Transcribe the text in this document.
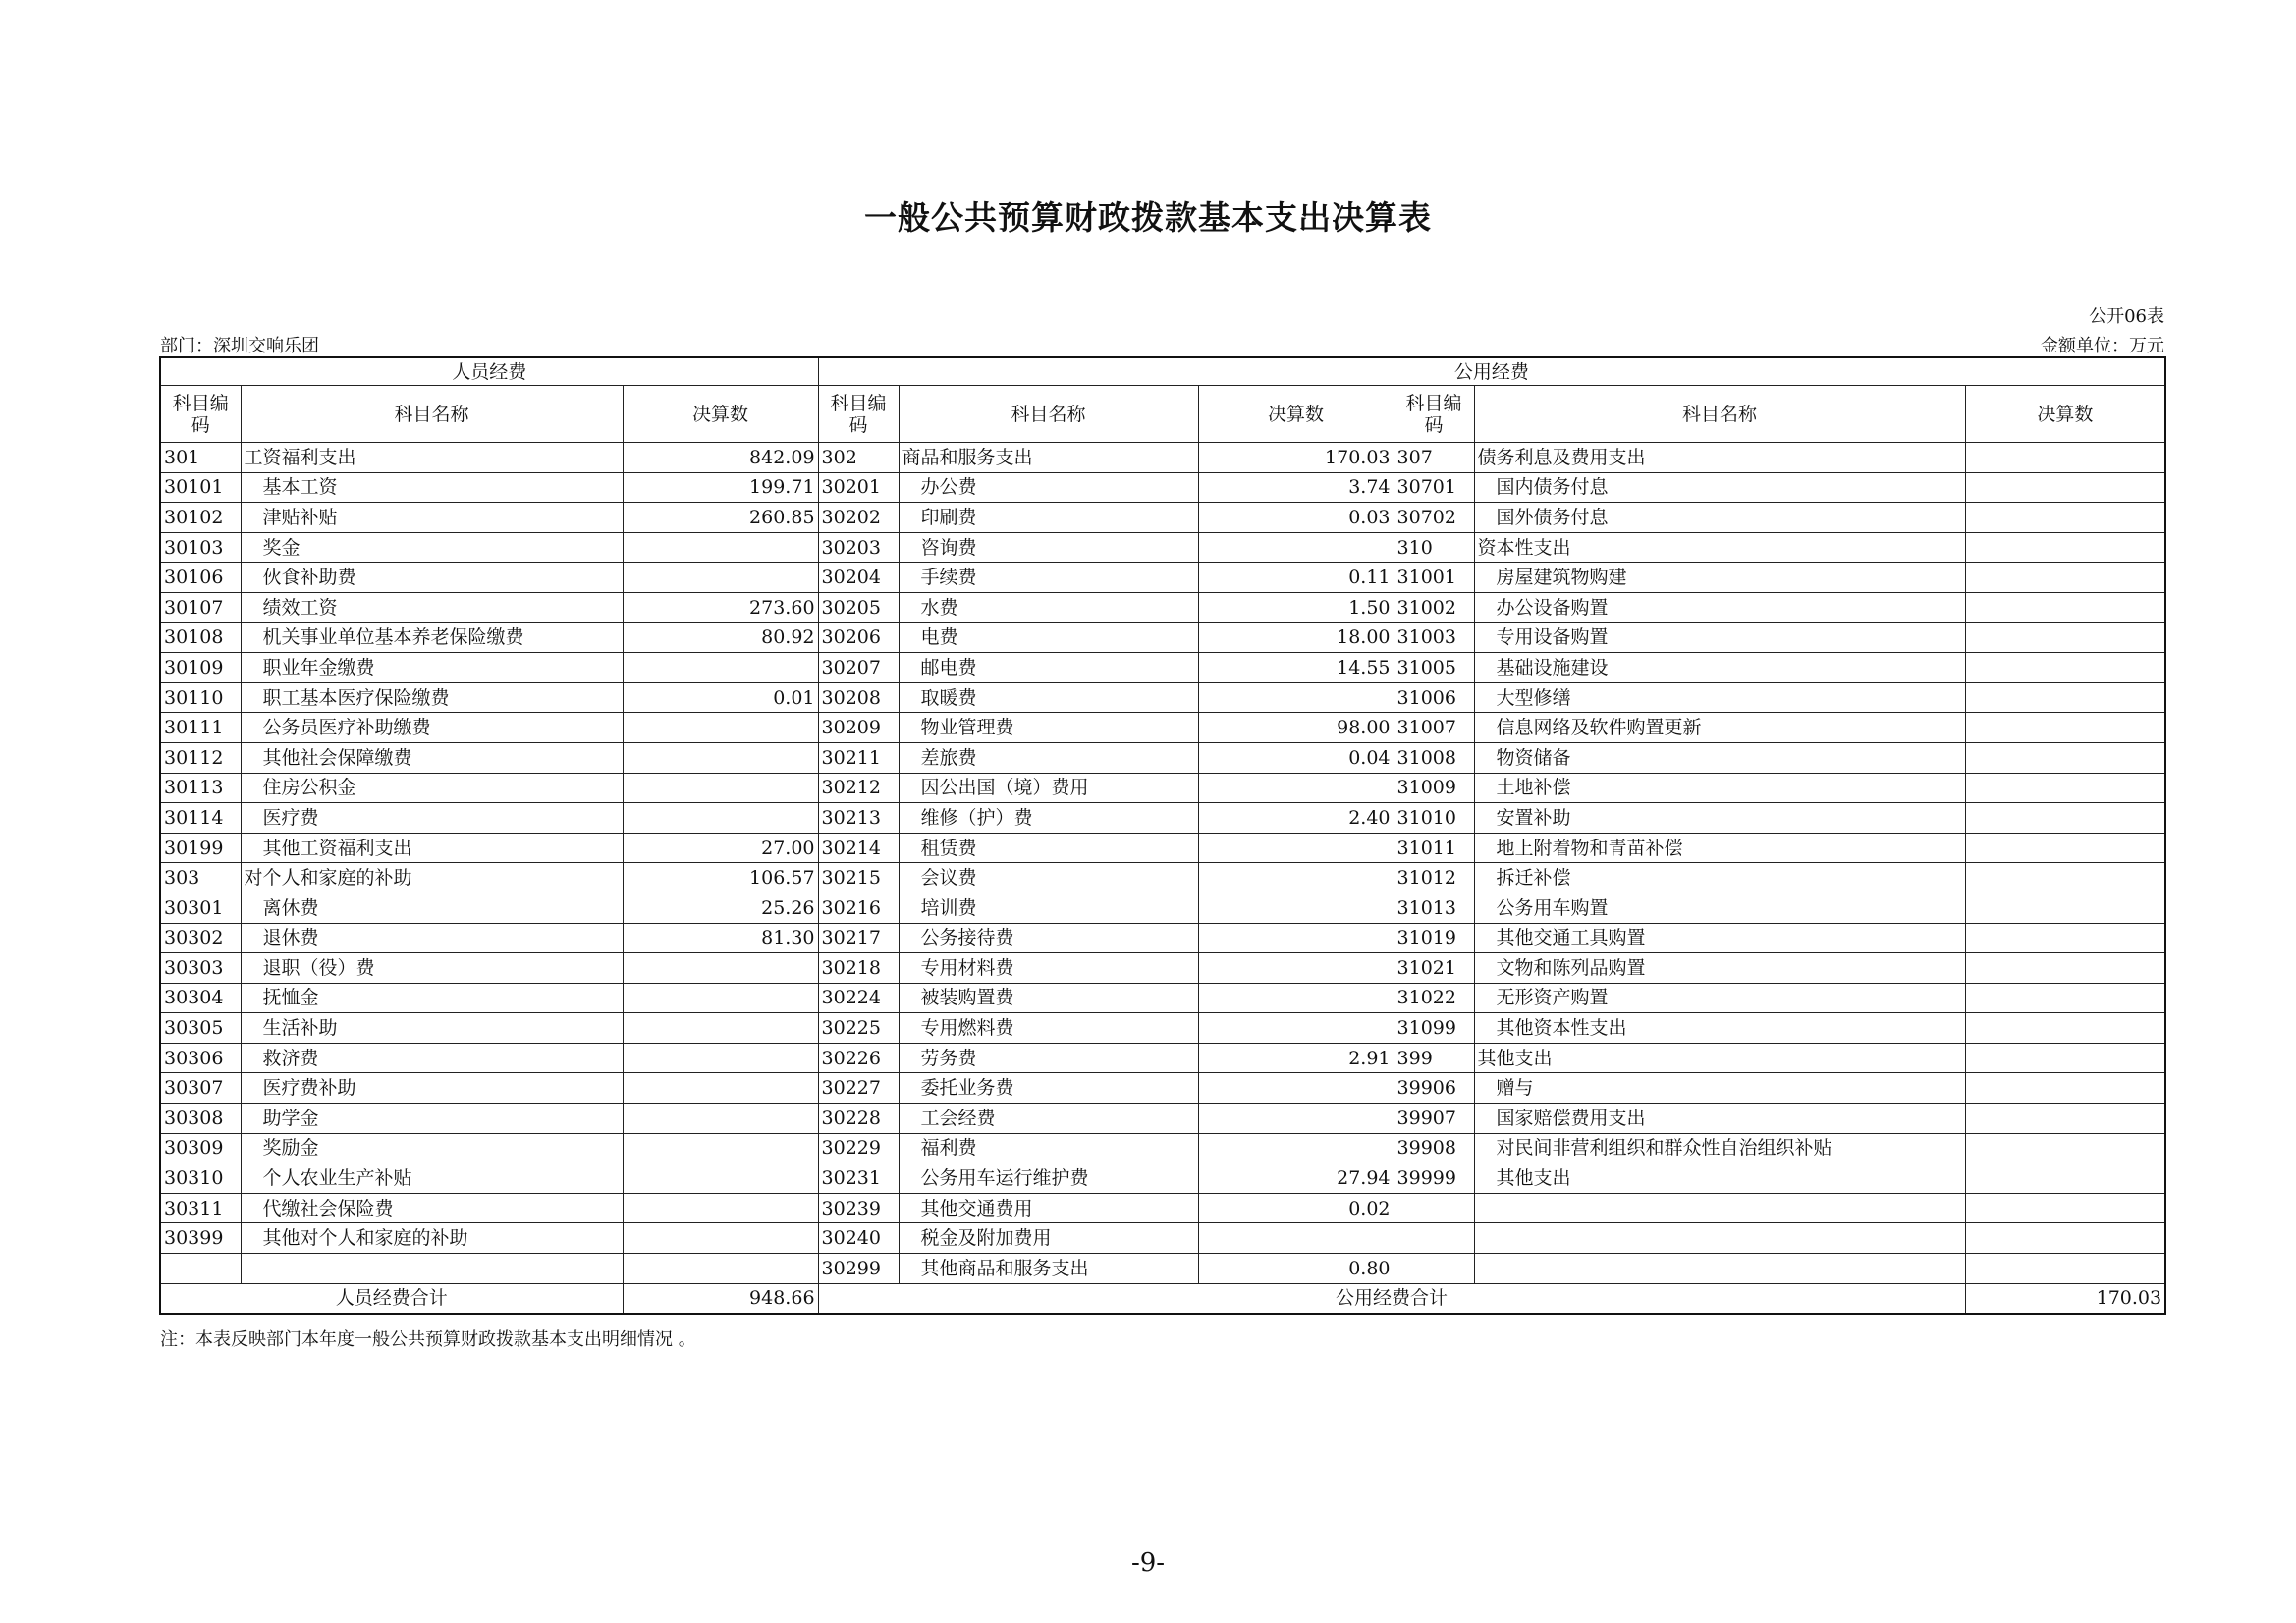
一般公共预算财政拨款基本支出决算表
公开06表
部门：深圳交响乐团	金额单位：万元
人员经费			公用经费					
科目编
码	科目名称	决算数	科目编
码	科目名称	决算数	科目编
码	科目名称	决算数
301	工资福利支出	842.09	302	商品和服务支出	170.03	307	债务利息及费用支出	
30101	基本工资	199.71	30201	办公费	3.74	30701	国内债务付息	
30102	津贴补贴	260.85	30202	印刷费	0.03	30702	国外债务付息	
30103	奖金		30203	咨询费		310	资本性支出	
30106	伙食补助费		30204	手续费	0.11	31001	房屋建筑物购建	
30107	绩效工资	273.60	30205	水费	1.50	31002	办公设备购置	
30108	机关事业单位基本养老保险缴费	80.92	30206	电费	18.00	31003	专用设备购置	
30109	职业年金缴费		30207	邮电费	14.55	31005	基础设施建设	
30110	职工基本医疗保险缴费	0.01	30208	取暖费		31006	大型修缮	
30111	公务员医疗补助缴费		30209	物业管理费	98.00	31007	信息网络及软件购置更新	
30112	其他社会保障缴费		30211	差旅费	0.04	31008	物资储备	
30113	住房公积金		30212	因公出国（境）费用		31009	土地补偿	
30114	医疗费		30213	维修（护）费	2.40	31010	安置补助	
30199	其他工资福利支出	27.00	30214	租赁费		31011	地上附着物和青苗补偿	
303	对个人和家庭的补助	106.57	30215	会议费		31012	拆迁补偿	
30301	离休费	25.26	30216	培训费		31013	公务用车购置	
30302	退休费	81.30	30217	公务接待费		31019	其他交通工具购置	
30303	退职（役）费		30218	专用材料费		31021	文物和陈列品购置	
30304	抚恤金		30224	被装购置费		31022	无形资产购置	
30305	生活补助		30225	专用燃料费		31099	其他资本性支出	
30306	救济费		30226	劳务费	2.91	399	其他支出	
30307	医疗费补助		30227	委托业务费		39906	赠与	
30308	助学金		30228	工会经费		39907	国家赔偿费用支出	
30309	奖励金		30229	福利费		39908	对民间非营利组织和群众性自治组织补贴	
30310	个人农业生产补贴		30231	公务用车运行维护费	27.94	39999	其他支出	
30311	代缴社会保险费		30239	其他交通费用	0.02			
30399	其他对个人和家庭的补助		30240	税金及附加费用				
			30299	其他商品和服务支出	0.80			
人员经费合计		948.66	公用经费合计					170.03
注：本表反映部门本年度一般公共预算财政拨款基本支出明细情况 。
-9-
